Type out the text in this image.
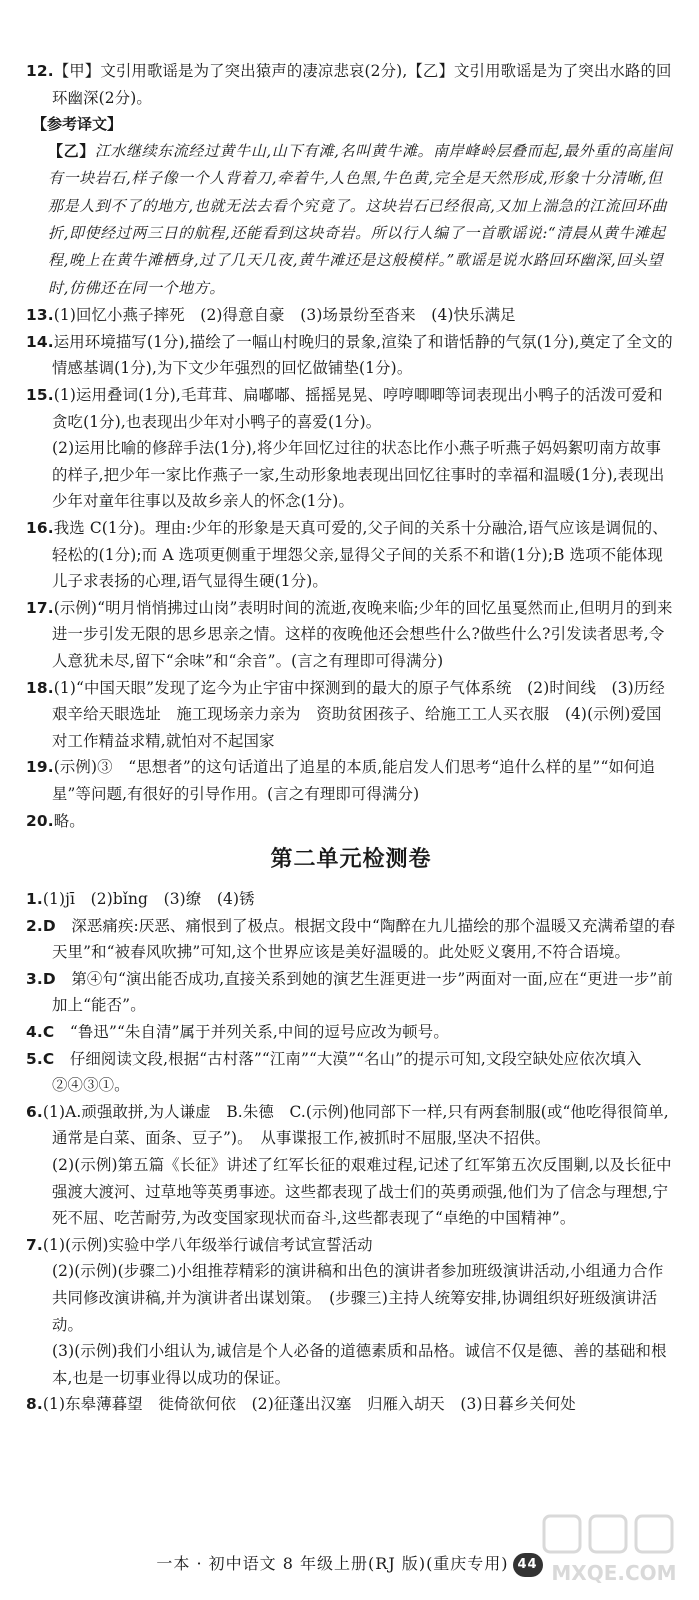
12.【甲】文引用歌谣是为了突出猿声的凄凉悲哀(2分),【乙】文引用歌谣是为了突出水路的回环幽深(2分)。

【参考译文】

【乙】江水继续东流经过黄牛山,山下有滩,名叫黄牛滩。南岸峰岭层叠而起,最外重的高崖间有一块岩石,样子像一个人背着刀,牵着牛,人色黑,牛色黄,完全是天然形成,形象十分清晰,但那是人到不了的地方,也就无法去看个究竟了。这块岩石已经很高,又加上湍急的江流回环曲折,即使经过两三日的航程,还能看到这块奇岩。所以行人编了一首歌谣说:“清晨从黄牛滩起程,晚上在黄牛滩栖身,过了几天几夜,黄牛滩还是这般模样。”歌谣是说水路回环幽深,回头望时,仿佛还在同一个地方。

13.(1)回忆小燕子摔死　(2)得意自豪　(3)场景纷至沓来　(4)快乐满足

14.运用环境描写(1分),描绘了一幅山村晚归的景象,渲染了和谐恬静的气氛(1分),奠定了全文的情感基调(1分),为下文少年强烈的回忆做铺垫(1分)。

15.(1)运用叠词(1分),毛茸茸、扁嘟嘟、摇摇晃晃、哼哼唧唧等词表现出小鸭子的活泼可爱和贪吃(1分),也表现出少年对小鸭子的喜爱(1分)。

(2)运用比喻的修辞手法(1分),将少年回忆过往的状态比作小燕子听燕子妈妈絮叨南方故事的样子,把少年一家比作燕子一家,生动形象地表现出回忆往事时的幸福和温暖(1分),表现出少年对童年往事以及故乡亲人的怀念(1分)。

16.我选 C(1分)。理由:少年的形象是天真可爱的,父子间的关系十分融洽,语气应该是调侃的、轻松的(1分);而 A 选项更侧重于埋怨父亲,显得父子间的关系不和谐(1分);B 选项不能体现儿子求表扬的心理,语气显得生硬(1分)。

17.(示例)“明月悄悄拂过山岗”表明时间的流逝,夜晚来临;少年的回忆虽戛然而止,但明月的到来进一步引发无限的思乡思亲之情。这样的夜晚他还会想些什么?做些什么?引发读者思考,令人意犹未尽,留下“余味”和“余音”。(言之有理即可得满分)

18.(1)“中国天眼”发现了迄今为止宇宙中探测到的最大的原子气体系统　(2)时间线　(3)历经艰辛给天眼选址　施工现场亲力亲为　资助贫困孩子、给施工工人买衣服　(4)(示例)爱国　对工作精益求精,就怕对不起国家

19.(示例)③　“思想者”的这句话道出了追星的本质,能启发人们思考“追什么样的星”“如何追星”等问题,有很好的引导作用。(言之有理即可得满分)

20.略。

第二单元检测卷

1.(1)jī　(2)bǐng　(3)缭　(4)锈

2.D　深恶痛疾:厌恶、痛恨到了极点。根据文段中“陶醉在九儿描绘的那个温暖又充满希望的春天里”和“被春风吹拂”可知,这个世界应该是美好温暖的。此处贬义褒用,不符合语境。

3.D　第④句“演出能否成功,直接关系到她的演艺生涯更进一步”两面对一面,应在“更进一步”前加上“能否”。

4.C　“鲁迅”“朱自清”属于并列关系,中间的逗号应改为顿号。

5.C　仔细阅读文段,根据“古村落”“江南”“大漠”“名山”的提示可知,文段空缺处应依次填入②④③①。

6.(1)A.顽强敢拼,为人谦虚　B.朱德　C.(示例)他同部下一样,只有两套制服(或“他吃得很简单,通常是白菜、面条、豆子”)。　从事谍报工作,被抓时不屈服,坚决不招供。

(2)(示例)第五篇《长征》讲述了红军长征的艰难过程,记述了红军第五次反围剿,以及长征中强渡大渡河、过草地等英勇事迹。这些都表现了战士们的英勇顽强,他们为了信念与理想,宁死不屈、吃苦耐劳,为改变国家现状而奋斗,这些都表现了“卓绝的中国精神”。

7.(1)(示例)实验中学八年级举行诚信考试宣誓活动

(2)(示例)(步骤二)小组推荐精彩的演讲稿和出色的演讲者参加班级演讲活动,小组通力合作共同修改演讲稿,并为演讲者出谋划策。　(步骤三)主持人统筹安排,协调组织好班级演讲活动。

(3)(示例)我们小组认为,诚信是个人必备的道德素质和品格。诚信不仅是德、善的基础和根本,也是一切事业得以成功的保证。

8.(1)东皋薄暮望　徙倚欲何依　(2)征蓬出汉塞　归雁入胡天　(3)日暮乡关何处

一本 · 初中语文 8 年级上册(RJ 版)(重庆专用) 44 MXQE.COM
